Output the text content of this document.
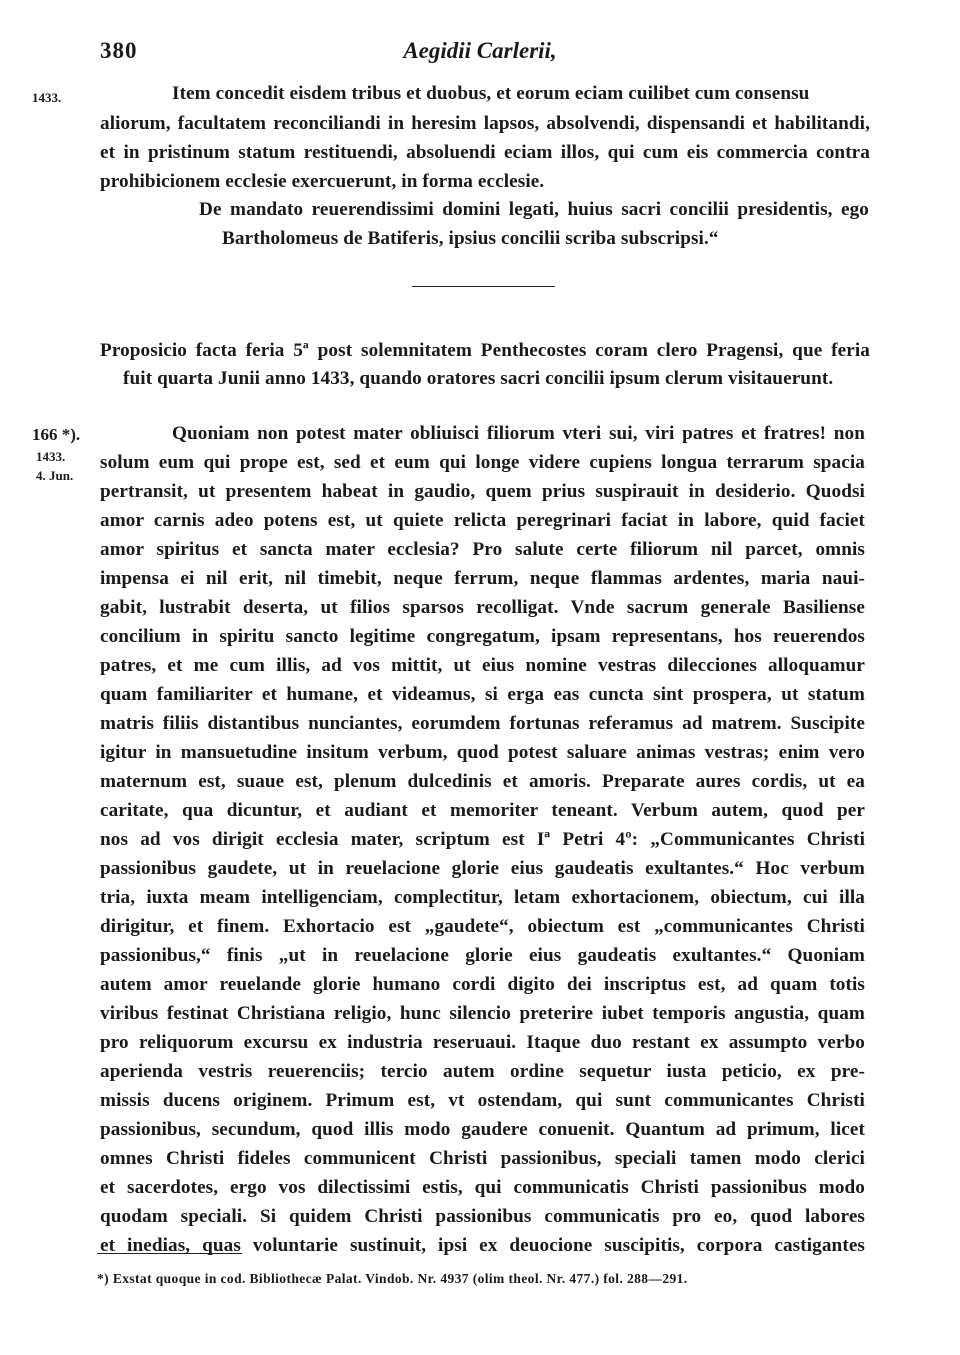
380	Aegidii Carlerii,
1433.	Item concedit eisdem tribus et duobus, et eorum eciam cuilibet cum consensu
aliorum, facultatem reconciliandi in heresim lapsos, absolvendi, dispensandi et habilitandi,
et in pristinum statum restituendi, absoluendi eciam illos, qui cum eis commercia contra
prohibicionem ecclesie exercuerunt, in forma ecclesie.
De mandato reuerendissimi domini legati, huius sacri concilii presidentis, ego
Bartholomeus de Batiferis, ipsius concilii scriba subscripsi.“
Proposicio facta feria 5ª post solemnitatem Penthecostes coram clero Pragensi, que feria
fuit quarta Junii anno 1433, quando oratores sacri concilii ipsum clerum visitauerunt.
166 *).
1433.
4. Jun.
Quoniam non potest mater obliuisci filiorum vteri sui, viri patres et fratres! non
solum eum qui prope est, sed et eum qui longe videre cupiens longua terrarum spacia
pertransit, ut presentem habeat in gaudio, quem prius suspirauit in desiderio. Quodsi
amor carnis adeo potens est, ut quiete relicta peregrinari faciat in labore, quid faciet
amor spiritus et sancta mater ecclesia? Pro salute certe filiorum nil parcet, omnis
impensa ei nil erit, nil timebit, neque ferrum, neque flammas ardentes, maria naui-
gabit, lustrabit deserta, ut filios sparsos recolligat. Vnde sacrum generale Basiliense
concilium in spiritu sancto legitime congregatum, ipsam representans, hos reuerendos
patres, et me cum illis, ad vos mittit, ut eius nomine vestras dilecciones alloquamur
quam familiariter et humane, et videamus, si erga eas cuncta sint prospera, ut statum
matris filiis distantibus nunciantes, eorumdem fortunas referamus ad matrem. Suscipite
igitur in mansuetudine insitum verbum, quod potest saluare animas vestras; enim vero
maternum est, suaue est, plenum dulcedinis et amoris. Preparate aures cordis, ut ea
caritate, qua dicuntur, et audiant et memoriter teneant. Verbum autem, quod per
nos ad vos dirigit ecclesia mater, scriptum est Iª Petri 4º: „Communicantes Christi
passionibus gaudete, ut in reuelacione glorie eius gaudeatis exultantes.“ Hoc verbum
tria, iuxta meam intelligenciam, complectitur, letam exhortacionem, obiectum, cui illa
dirigitur, et finem. Exhortacio est „gaudete“, obiectum est „communicantes Christi
passionibus,“ finis „ut in reuelacione glorie eius gaudeatis exultantes.“ Quoniam
autem amor reuelande glorie humano cordi digito dei inscriptus est, ad quam totis
viribus festinat Christiana religio, hunc silencio preterire iubet temporis angustia, quam
pro reliquorum excursu ex industria reseruaui. Itaque duo restant ex assumpto verbo
aperienda vestris reuerenciis; tercio autem ordine sequetur iusta peticio, ex pre-
missis ducens originem. Primum est, vt ostendam, qui sunt communicantes Christi
passionibus, secundum, quod illis modo gaudere conuenit. Quantum ad primum, licet
omnes Christi fideles communicent Christi passionibus, speciali tamen modo clerici
et sacerdotes, ergo vos dilectissimi estis, qui communicatis Christi passionibus modo
quodam speciali. Si quidem Christi passionibus communicatis pro eo, quod labores
et inedias, quas voluntarie sustinuit, ipsi ex deuocione suscipitis, corpora castigantes
*) Exstat quoque in cod. Bibliothecæ Palat. Vindob. Nr. 4937 (olim theol. Nr. 477.) fol. 288—291.
